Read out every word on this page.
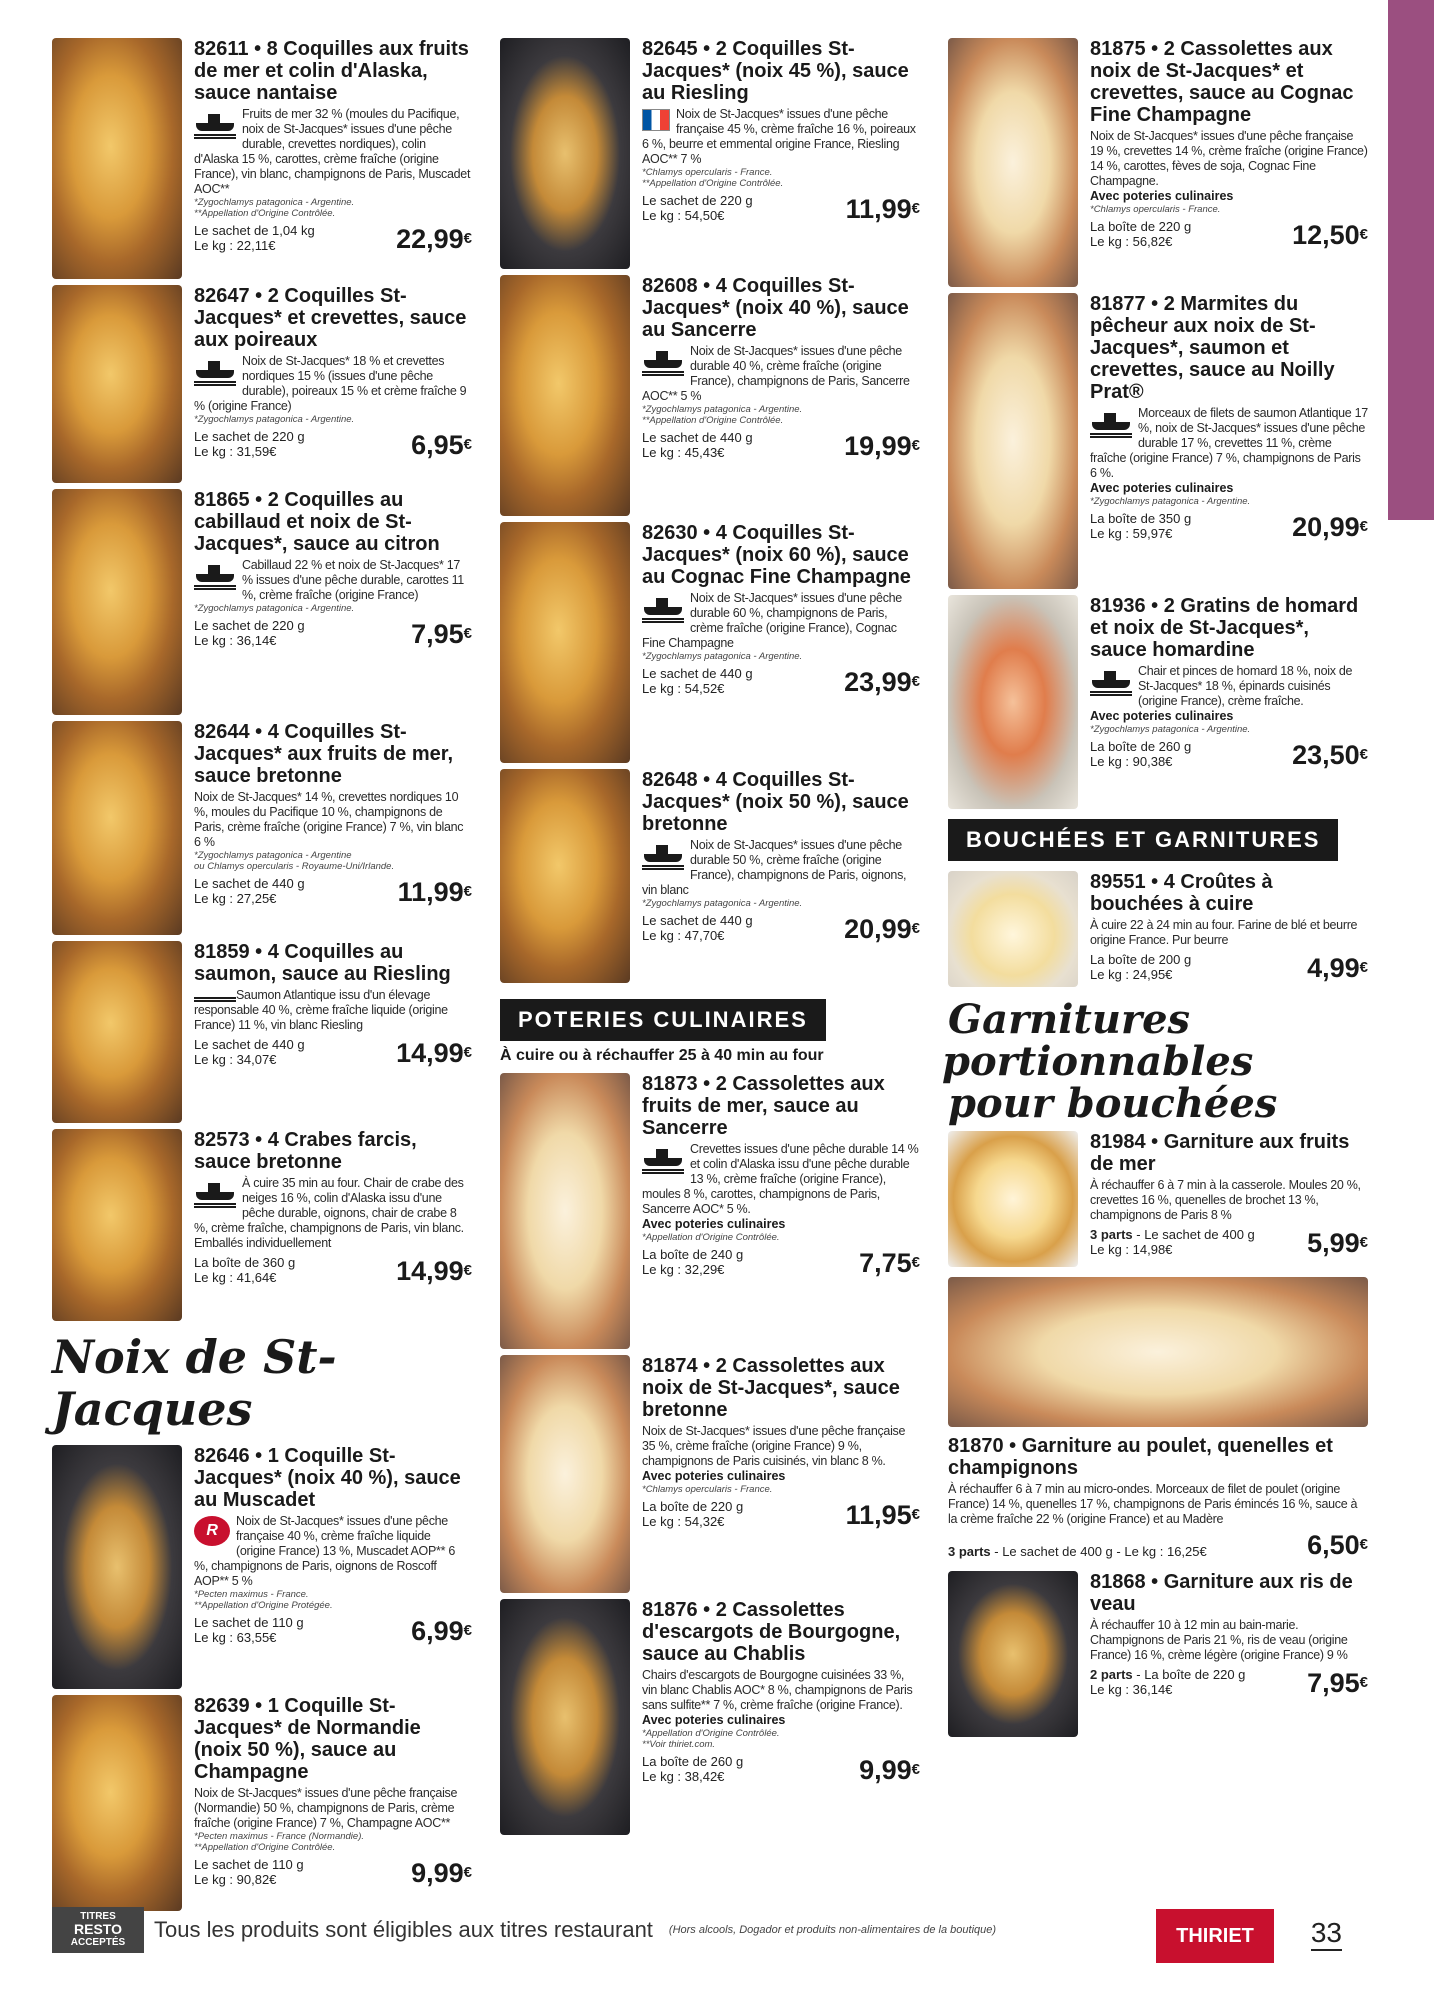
82611 • 8 Coquilles aux fruits de mer et colin d'Alaska, sauce nantaise
Fruits de mer 32 % (moules du Pacifique, noix de St-Jacques* issues d'une pêche durable, crevettes nordiques), colin d'Alaska 15 %, carottes, crème fraîche (origine France), vin blanc, champignons de Paris, Muscadet AOC**
*Zygochlamys patagonica - Argentine.
**Appellation d'Origine Contrôlée.
Le sachet de 1,04 kg
Le kg : 22,11€	22,99€
82647 • 2 Coquilles St-Jacques* et crevettes, sauce aux poireaux
Noix de St-Jacques* 18 % et crevettes nordiques 15 % (issues d'une pêche durable), poireaux 15 % et crème fraîche 9 % (origine France)
*Zygochlamys patagonica - Argentine.
Le sachet de 220 g
Le kg : 31,59€	6,95€
81865 • 2 Coquilles au cabillaud et noix de St-Jacques*, sauce au citron
Cabillaud 22 % et noix de St-Jacques* 17 % issues d'une pêche durable, carottes 11 %, crème fraîche (origine France)
*Zygochlamys patagonica - Argentine.
Le sachet de 220 g
Le kg : 36,14€	7,95€
82644 • 4 Coquilles St-Jacques* aux fruits de mer, sauce bretonne
Noix de St-Jacques* 14 %, crevettes nordiques 10 %, moules du Pacifique 10 %, champignons de Paris, crème fraîche (origine France) 7 %, vin blanc 6 %
*Zygochlamys patagonica - Argentine
ou Chlamys opercularis - Royaume-Uni/Irlande.
Le sachet de 440 g
Le kg : 27,25€	11,99€
81859 • 4 Coquilles au saumon, sauce au Riesling
Saumon Atlantique issu d'un élevage responsable 40 %, crème fraîche liquide (origine France) 11 %, vin blanc Riesling
Le sachet de 440 g
Le kg : 34,07€	14,99€
82573 • 4 Crabes farcis, sauce bretonne
À cuire 35 min au four. Chair de crabe des neiges 16 %, colin d'Alaska issu d'une pêche durable, oignons, chair de crabe 8 %, crème fraîche, champignons de Paris, vin blanc. Emballés individuellement
La boîte de 360 g
Le kg : 41,64€	14,99€
Noix de St-Jacques
82646 • 1 Coquille St-Jacques* (noix 40 %), sauce au Muscadet
R
Noix de St-Jacques* issues d'une pêche française 40 %, crème fraîche liquide (origine France) 13 %, Muscadet AOP** 6 %, champignons de Paris, oignons de Roscoff AOP** 5 %
*Pecten maximus - France.
**Appellation d'Origine Protégée.
Le sachet de 110 g
Le kg : 63,55€	6,99€
82639 • 1 Coquille St-Jacques* de Normandie (noix 50 %), sauce au Champagne
Noix de St-Jacques* issues d'une pêche française (Normandie) 50 %, champignons de Paris, crème fraîche (origine France) 7 %, Champagne AOC**
*Pecten maximus - France (Normandie).
**Appellation d'Origine Contrôlée.
Le sachet de 110 g
Le kg : 90,82€	9,99€
82645 • 2 Coquilles St-Jacques* (noix 45 %), sauce au Riesling
Noix de St-Jacques* issues d'une pêche française 45 %, crème fraîche 16 %, poireaux 6 %, beurre et emmental origine France, Riesling AOC** 7 %
*Chlamys opercularis - France.
**Appellation d'Origine Contrôlée.
Le sachet de 220 g
Le kg : 54,50€	11,99€
82608 • 4 Coquilles St-Jacques* (noix 40 %), sauce au Sancerre
Noix de St-Jacques* issues d'une pêche durable 40 %, crème fraîche (origine France), champignons de Paris, Sancerre AOC** 5 %
*Zygochlamys patagonica - Argentine.
**Appellation d'Origine Contrôlée.
Le sachet de 440 g
Le kg : 45,43€	19,99€
82630 • 4 Coquilles St-Jacques* (noix 60 %), sauce au Cognac Fine Champagne
Noix de St-Jacques* issues d'une pêche durable 60 %, champignons de Paris, crème fraîche (origine France), Cognac Fine Champagne
*Zygochlamys patagonica - Argentine.
Le sachet de 440 g
Le kg : 54,52€	23,99€
82648 • 4 Coquilles St-Jacques* (noix 50 %), sauce bretonne
Noix de St-Jacques* issues d'une pêche durable 50 %, crème fraîche (origine France), champignons de Paris, oignons, vin blanc
*Zygochlamys patagonica - Argentine.
Le sachet de 440 g
Le kg : 47,70€	20,99€
POTERIES CULINAIRES
À cuire ou à réchauffer 25 à 40 min au four
81873 • 2 Cassolettes aux fruits de mer, sauce au Sancerre
Crevettes issues d'une pêche durable 14 % et colin d'Alaska issu d'une pêche durable 13 %, crème fraîche (origine France), moules 8 %, carottes, champignons de Paris, Sancerre AOC* 5 %.
Avec poteries culinaires
*Appellation d'Origine Contrôlée.
La boîte de 240 g
Le kg : 32,29€	7,75€
81874 • 2 Cassolettes aux noix de St-Jacques*, sauce bretonne
Noix de St-Jacques* issues d'une pêche française 35 %, crème fraîche (origine France) 9 %, champignons de Paris cuisinés, vin blanc 8 %.
Avec poteries culinaires
*Chlamys opercularis - France.
La boîte de 220 g
Le kg : 54,32€	11,95€
81876 • 2 Cassolettes d'escargots de Bourgogne, sauce au Chablis
Chairs d'escargots de Bourgogne cuisinées 33 %, vin blanc Chablis AOC* 8 %, champignons de Paris sans sulfite** 7 %, crème fraîche (origine France).
Avec poteries culinaires
*Appellation d'Origine Contrôlée.
**Voir thiriet.com.
La boîte de 260 g
Le kg : 38,42€	9,99€
81875 • 2 Cassolettes aux noix de St-Jacques* et crevettes, sauce au Cognac Fine Champagne
Noix de St-Jacques* issues d'une pêche française 19 %, crevettes 14 %, crème fraîche (origine France) 14 %, carottes, fèves de soja, Cognac Fine Champagne.
Avec poteries culinaires
*Chlamys opercularis - France.
La boîte de 220 g
Le kg : 56,82€	12,50€
81877 • 2 Marmites du pêcheur aux noix de St-Jacques*, saumon et crevettes, sauce au Noilly Prat®
Morceaux de filets de saumon Atlantique 17 %, noix de St-Jacques* issues d'une pêche durable 17 %, crevettes 11 %, crème fraîche (origine France) 7 %, champignons de Paris 6 %.
Avec poteries culinaires
*Zygochlamys patagonica - Argentine.
La boîte de 350 g
Le kg : 59,97€	20,99€
81936 • 2 Gratins de homard et noix de St-Jacques*, sauce homardine
Chair et pinces de homard 18 %, noix de St-Jacques* 18 %, épinards cuisinés (origine France), crème fraîche.
Avec poteries culinaires
*Zygochlamys patagonica - Argentine.
La boîte de 260 g
Le kg : 90,38€	23,50€
BOUCHÉES ET GARNITURES
89551 • 4 Croûtes à bouchées à cuire
À cuire 22 à 24 min au four. Farine de blé et beurre origine France. Pur beurre
La boîte de 200 g
Le kg : 24,95€	4,99€
Garnitures
portionnables
pour bouchées
81984 • Garniture aux fruits de mer
À réchauffer 6 à 7 min à la casserole. Moules 20 %, crevettes 16 %, quenelles de brochet 13 %, champignons de Paris 8 %
3 parts - Le sachet de 400 g
Le kg : 14,98€	5,99€
81870 • Garniture au poulet, quenelles et champignons
À réchauffer 6 à 7 min au micro-ondes. Morceaux de filet de poulet (origine France) 14 %, quenelles 17 %, champignons de Paris émincés 16 %, sauce à la crème fraîche 22 % (origine France) et au Madère
3 parts - Le sachet de 400 g - Le kg : 16,25€	6,50€
81868 • Garniture aux ris de veau
À réchauffer 10 à 12 min au bain-marie. Champignons de Paris 21 %, ris de veau (origine France) 16 %, crème légère (origine France) 9 %
2 parts - La boîte de 220 g
Le kg : 36,14€	7,95€
TITRES
RESTO
ACCEPTÉS
Tous les produits sont éligibles aux titres restaurant (Hors alcools, Dogador et produits non-alimentaires de la boutique)
MAISON
THIRIET
1902
33
